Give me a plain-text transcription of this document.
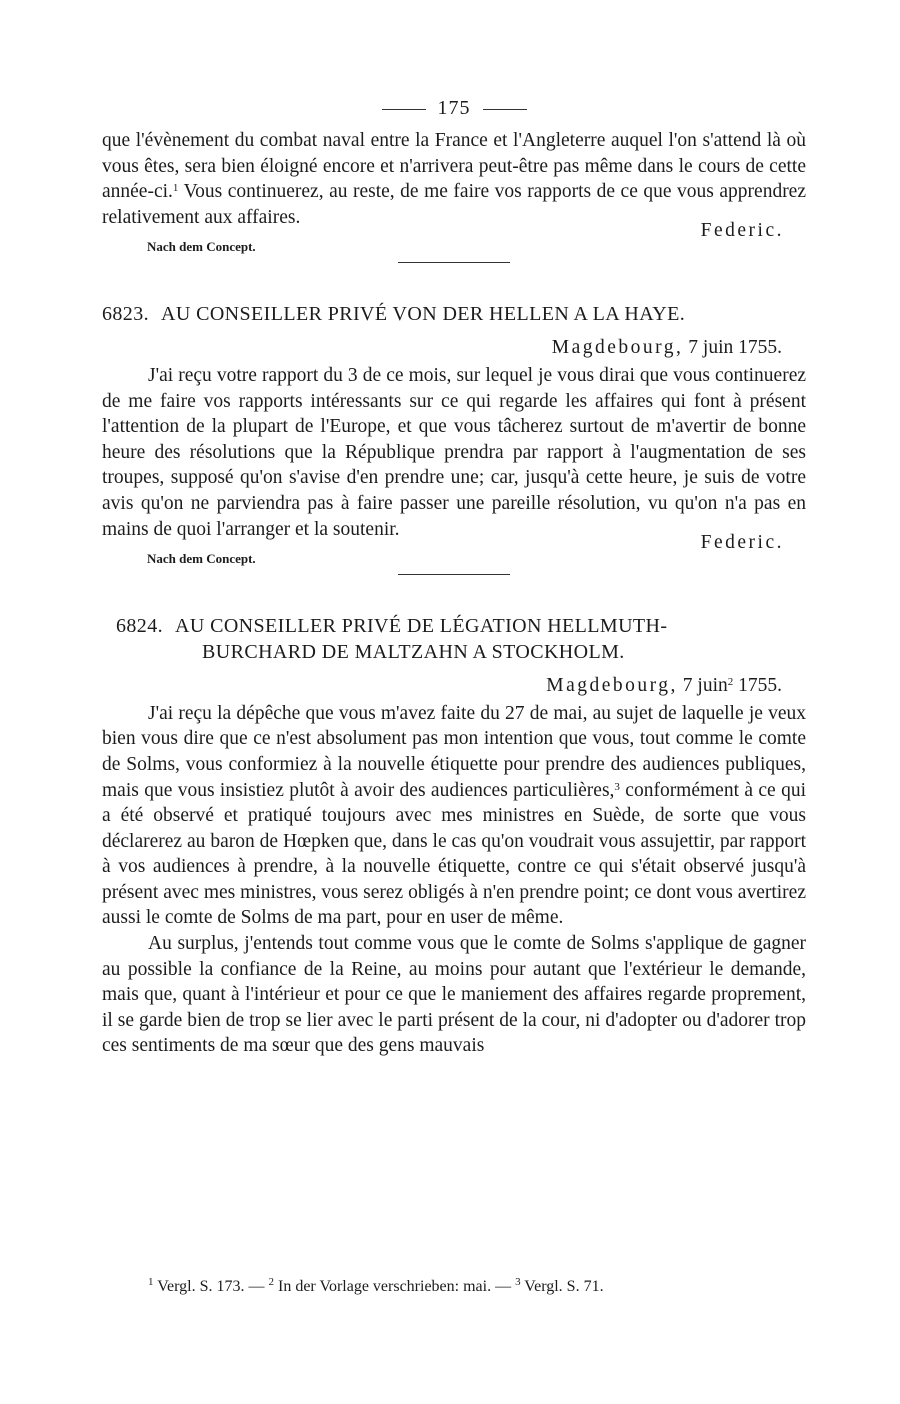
175

que l'évènement du combat naval entre la France et l'Angleterre auquel l'on s'attend là où vous êtes, sera bien éloigné encore et n'arrivera peut-être pas même dans le cours de cette année-ci.$^1$ Vous continuerez, au reste, de me faire vos rapports de ce que vous apprendrez relativement aux affaires.

Federic.
Nach dem Concept.
6823. AU CONSEILLER PRIVÉ VON DER HELLEN A LA HAYE.
Magdebourg, 7 juin 1755.

J'ai reçu votre rapport du 3 de ce mois, sur lequel je vous dirai que vous continuerez de me faire vos rapports intéressants sur ce qui regarde les affaires qui font à présent l'attention de la plupart de l'Europe, et que vous tâcherez surtout de m'avertir de bonne heure des résolutions que la République prendra par rapport à l'augmentation de ses troupes, supposé qu'on s'avise d'en prendre une; car, jusqu'à cette heure, je suis de votre avis qu'on ne parviendra pas à faire passer une pareille résolution, vu qu'on n'a pas en mains de quoi l'arranger et la soutenir.

Federic.
Nach dem Concept.
6824. AU CONSEILLER PRIVÉ DE LÉGATION HELLMUTH-
BURCHARD DE MALTZAHN A STOCKHOLM.
Magdebourg, 7 juin$^2$ 1755.

J'ai reçu la dépêche que vous m'avez faite du 27 de mai, au sujet de laquelle je veux bien vous dire que ce n'est absolument pas mon intention que vous, tout comme le comte de Solms, vous conformiez à la nouvelle étiquette pour prendre des audiences publiques, mais que vous insistiez plutôt à avoir des audiences particulières,$^3$ conformément à ce qui a été observé et pratiqué toujours avec mes ministres en Suède, de sorte que vous déclarerez au baron de Hœpken que, dans le cas qu'on voudrait vous assujettir, par rapport à vos audiences à prendre, à la nouvelle étiquette, contre ce qui s'était observé jusqu'à présent avec mes ministres, vous serez obligés à n'en prendre point; ce dont vous avertirez aussi le comte de Solms de ma part, pour en user de même.

Au surplus, j'entends tout comme vous que le comte de Solms s'applique de gagner au possible la confiance de la Reine, au moins pour autant que l'extérieur le demande, mais que, quant à l'intérieur et pour ce que le maniement des affaires regarde proprement, il se garde bien de trop se lier avec le parti présent de la cour, ni d'adopter ou d'adorer trop ces sentiments de ma sœur que des gens mauvais

$^1$ Vergl. S. 173. — $^2$ In der Vorlage verschrieben: mai. — $^3$ Vergl. S. 71.
